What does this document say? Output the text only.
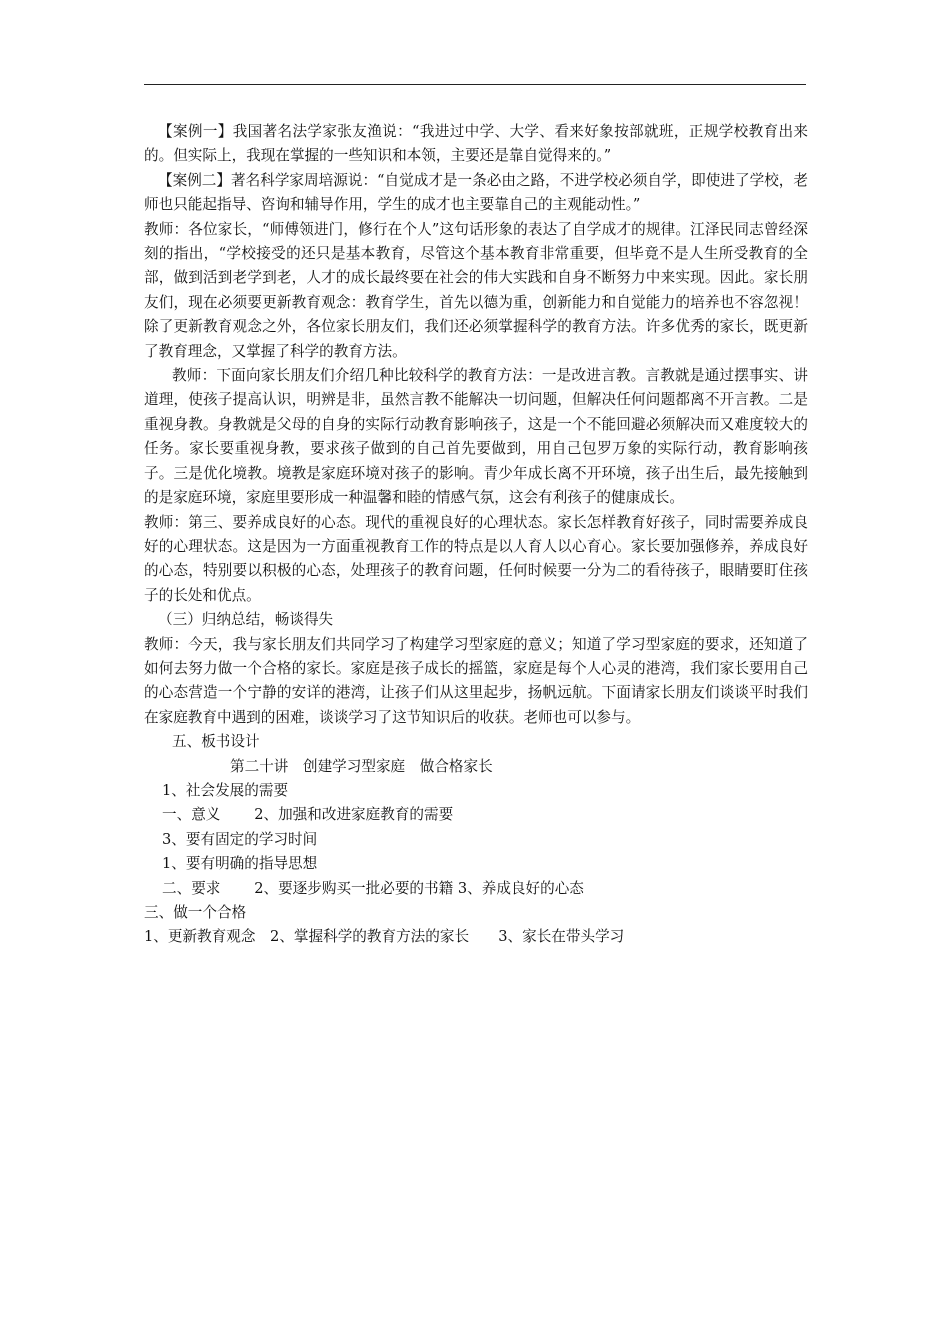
【案例一】我国著名法学家张友渔说：“我进过中学、大学、看来好象按部就班，正规学校教育出来的。但实际上，我现在掌握的一些知识和本领，主要还是靠自觉得来的。”

【案例二】著名科学家周培源说：“自觉成才是一条必由之路，不进学校必须自学，即使进了学校，老师也只能起指导、咨询和辅导作用，学生的成才也主要靠自己的主观能动性。”

教师：各位家长，“师傅领进门，修行在个人”这句话形象的表达了自学成才的规律。江泽民同志曾经深刻的指出，“学校接受的还只是基本教育，尽管这个基本教育非常重要，但毕竟不是人生所受教育的全部，做到活到老学到老，人才的成长最终要在社会的伟大实践和自身不断努力中来实现。因此。家长朋友们，现在必须要更新教育观念：教育学生，首先以德为重，创新能力和自觉能力的培养也不容忽视！除了更新教育观念之外，各位家长朋友们，我们还必须掌握科学的教育方法。许多优秀的家长，既更新了教育理念，又掌握了科学的教育方法。

教师：下面向家长朋友们介绍几种比较科学的教育方法：一是改进言教。言教就是通过摆事实、讲道理，使孩子提高认识，明辨是非，虽然言教不能解决一切问题，但解决任何问题都离不开言教。二是重视身教。身教就是父母的自身的实际行动教育影响孩子，这是一个不能回避必须解决而又难度较大的任务。家长要重视身教，要求孩子做到的自己首先要做到，用自己包罗万象的实际行动，教育影响孩子。三是优化境教。境教是家庭环境对孩子的影响。青少年成长离不开环境，孩子出生后，最先接触到的是家庭环境，家庭里要形成一种温馨和睦的情感气氛，这会有利孩子的健康成长。

教师：第三、要养成良好的心态。现代的重视良好的心理状态。家长怎样教育好孩子，同时需要养成良好的心理状态。这是因为一方面重视教育工作的特点是以人育人以心育心。家长要加强修养，养成良好的心态，特别要以积极的心态，处理孩子的教育问题，任何时候要一分为二的看待孩子，眼睛要盯住孩子的长处和优点。

（三）归纳总结，畅谈得失

教师：今天，我与家长朋友们共同学习了构建学习型家庭的意义；知道了学习型家庭的要求，还知道了如何去努力做一个合格的家长。家庭是孩子成长的摇篮，家庭是每个人心灵的港湾，我们家长要用自己的心态营造一个宁静的安详的港湾，让孩子们从这里起步，扬帆远航。下面请家长朋友们谈谈平时我们在家庭教育中遇到的困难，谈谈学习了这节知识后的收获。老师也可以参与。

五、板书设计

第二十讲　创建学习型家庭　做合格家长

1、社会发展的需要

一、意义　　 2、加强和改进家庭教育的需要

3、要有固定的学习时间

1、要有明确的指导思想

二、要求　　 2、要逐步购买一批必要的书籍 3、养成良好的心态

三、做一个合格

1、更新教育观念　2、掌握科学的教育方法的家长　　3、家长在带头学习
